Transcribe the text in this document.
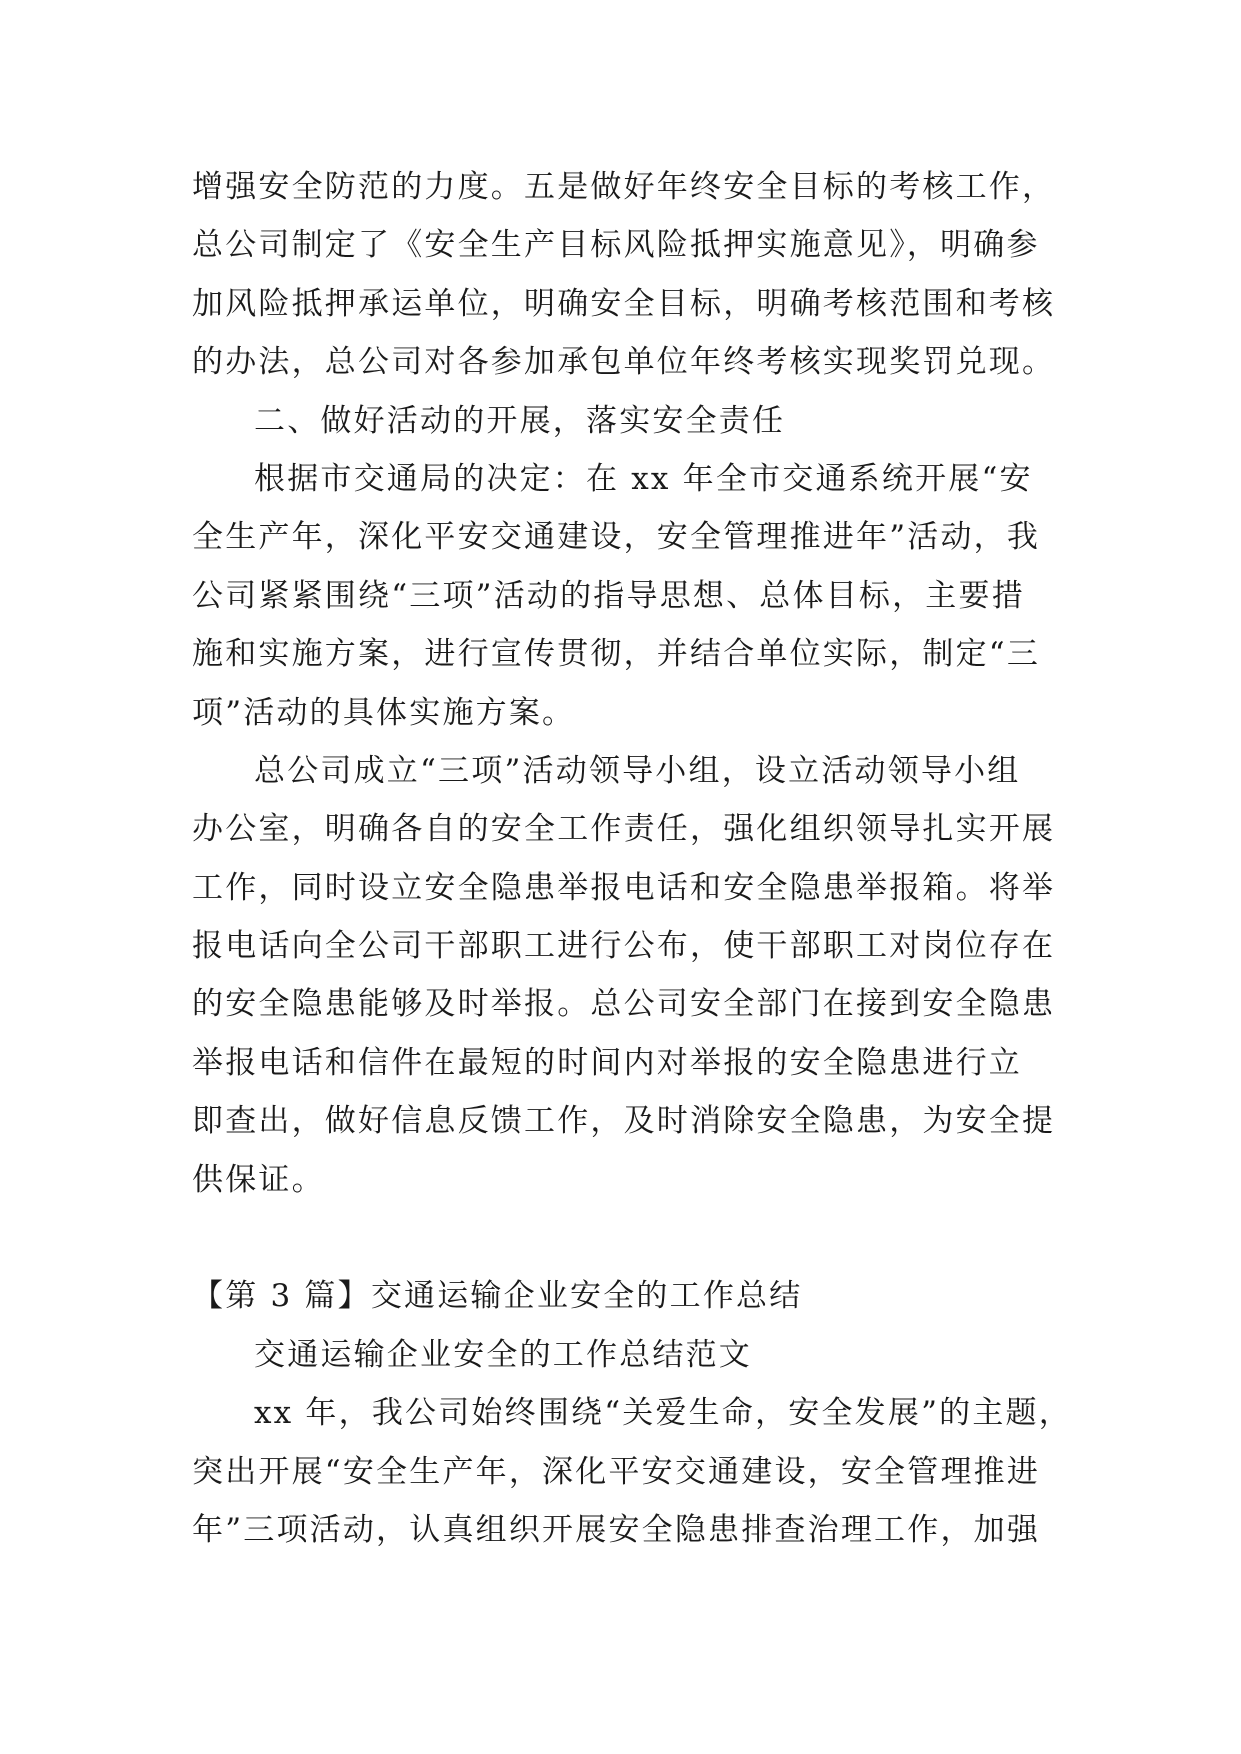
增强安全防范的力度。五是做好年终安全目标的考核工作，
总公司制定了《安全生产目标风险抵押实施意见》，明确参
加风险抵押承运单位，明确安全目标，明确考核范围和考核
的办法，总公司对各参加承包单位年终考核实现奖罚兑现。
二、做好活动的开展，落实安全责任
根据市交通局的决定：在 xx 年全市交通系统开展“安
全生产年，深化平安交通建设，安全管理推进年”活动，我
公司紧紧围绕“三项”活动的指导思想、总体目标，主要措
施和实施方案，进行宣传贯彻，并结合单位实际，制定“三
项”活动的具体实施方案。
总公司成立“三项”活动领导小组，设立活动领导小组
办公室，明确各自的安全工作责任，强化组织领导扎实开展
工作，同时设立安全隐患举报电话和安全隐患举报箱。将举
报电话向全公司干部职工进行公布，使干部职工对岗位存在
的安全隐患能够及时举报。总公司安全部门在接到安全隐患
举报电话和信件在最短的时间内对举报的安全隐患进行立
即查出，做好信息反馈工作，及时消除安全隐患，为安全提
供保证。
【第 3 篇】交通运输企业安全的工作总结
交通运输企业安全的工作总结范文
xx 年，我公司始终围绕“关爱生命，安全发展”的主题，
突出开展“安全生产年，深化平安交通建设，安全管理推进
年”三项活动，认真组织开展安全隐患排查治理工作，加强
